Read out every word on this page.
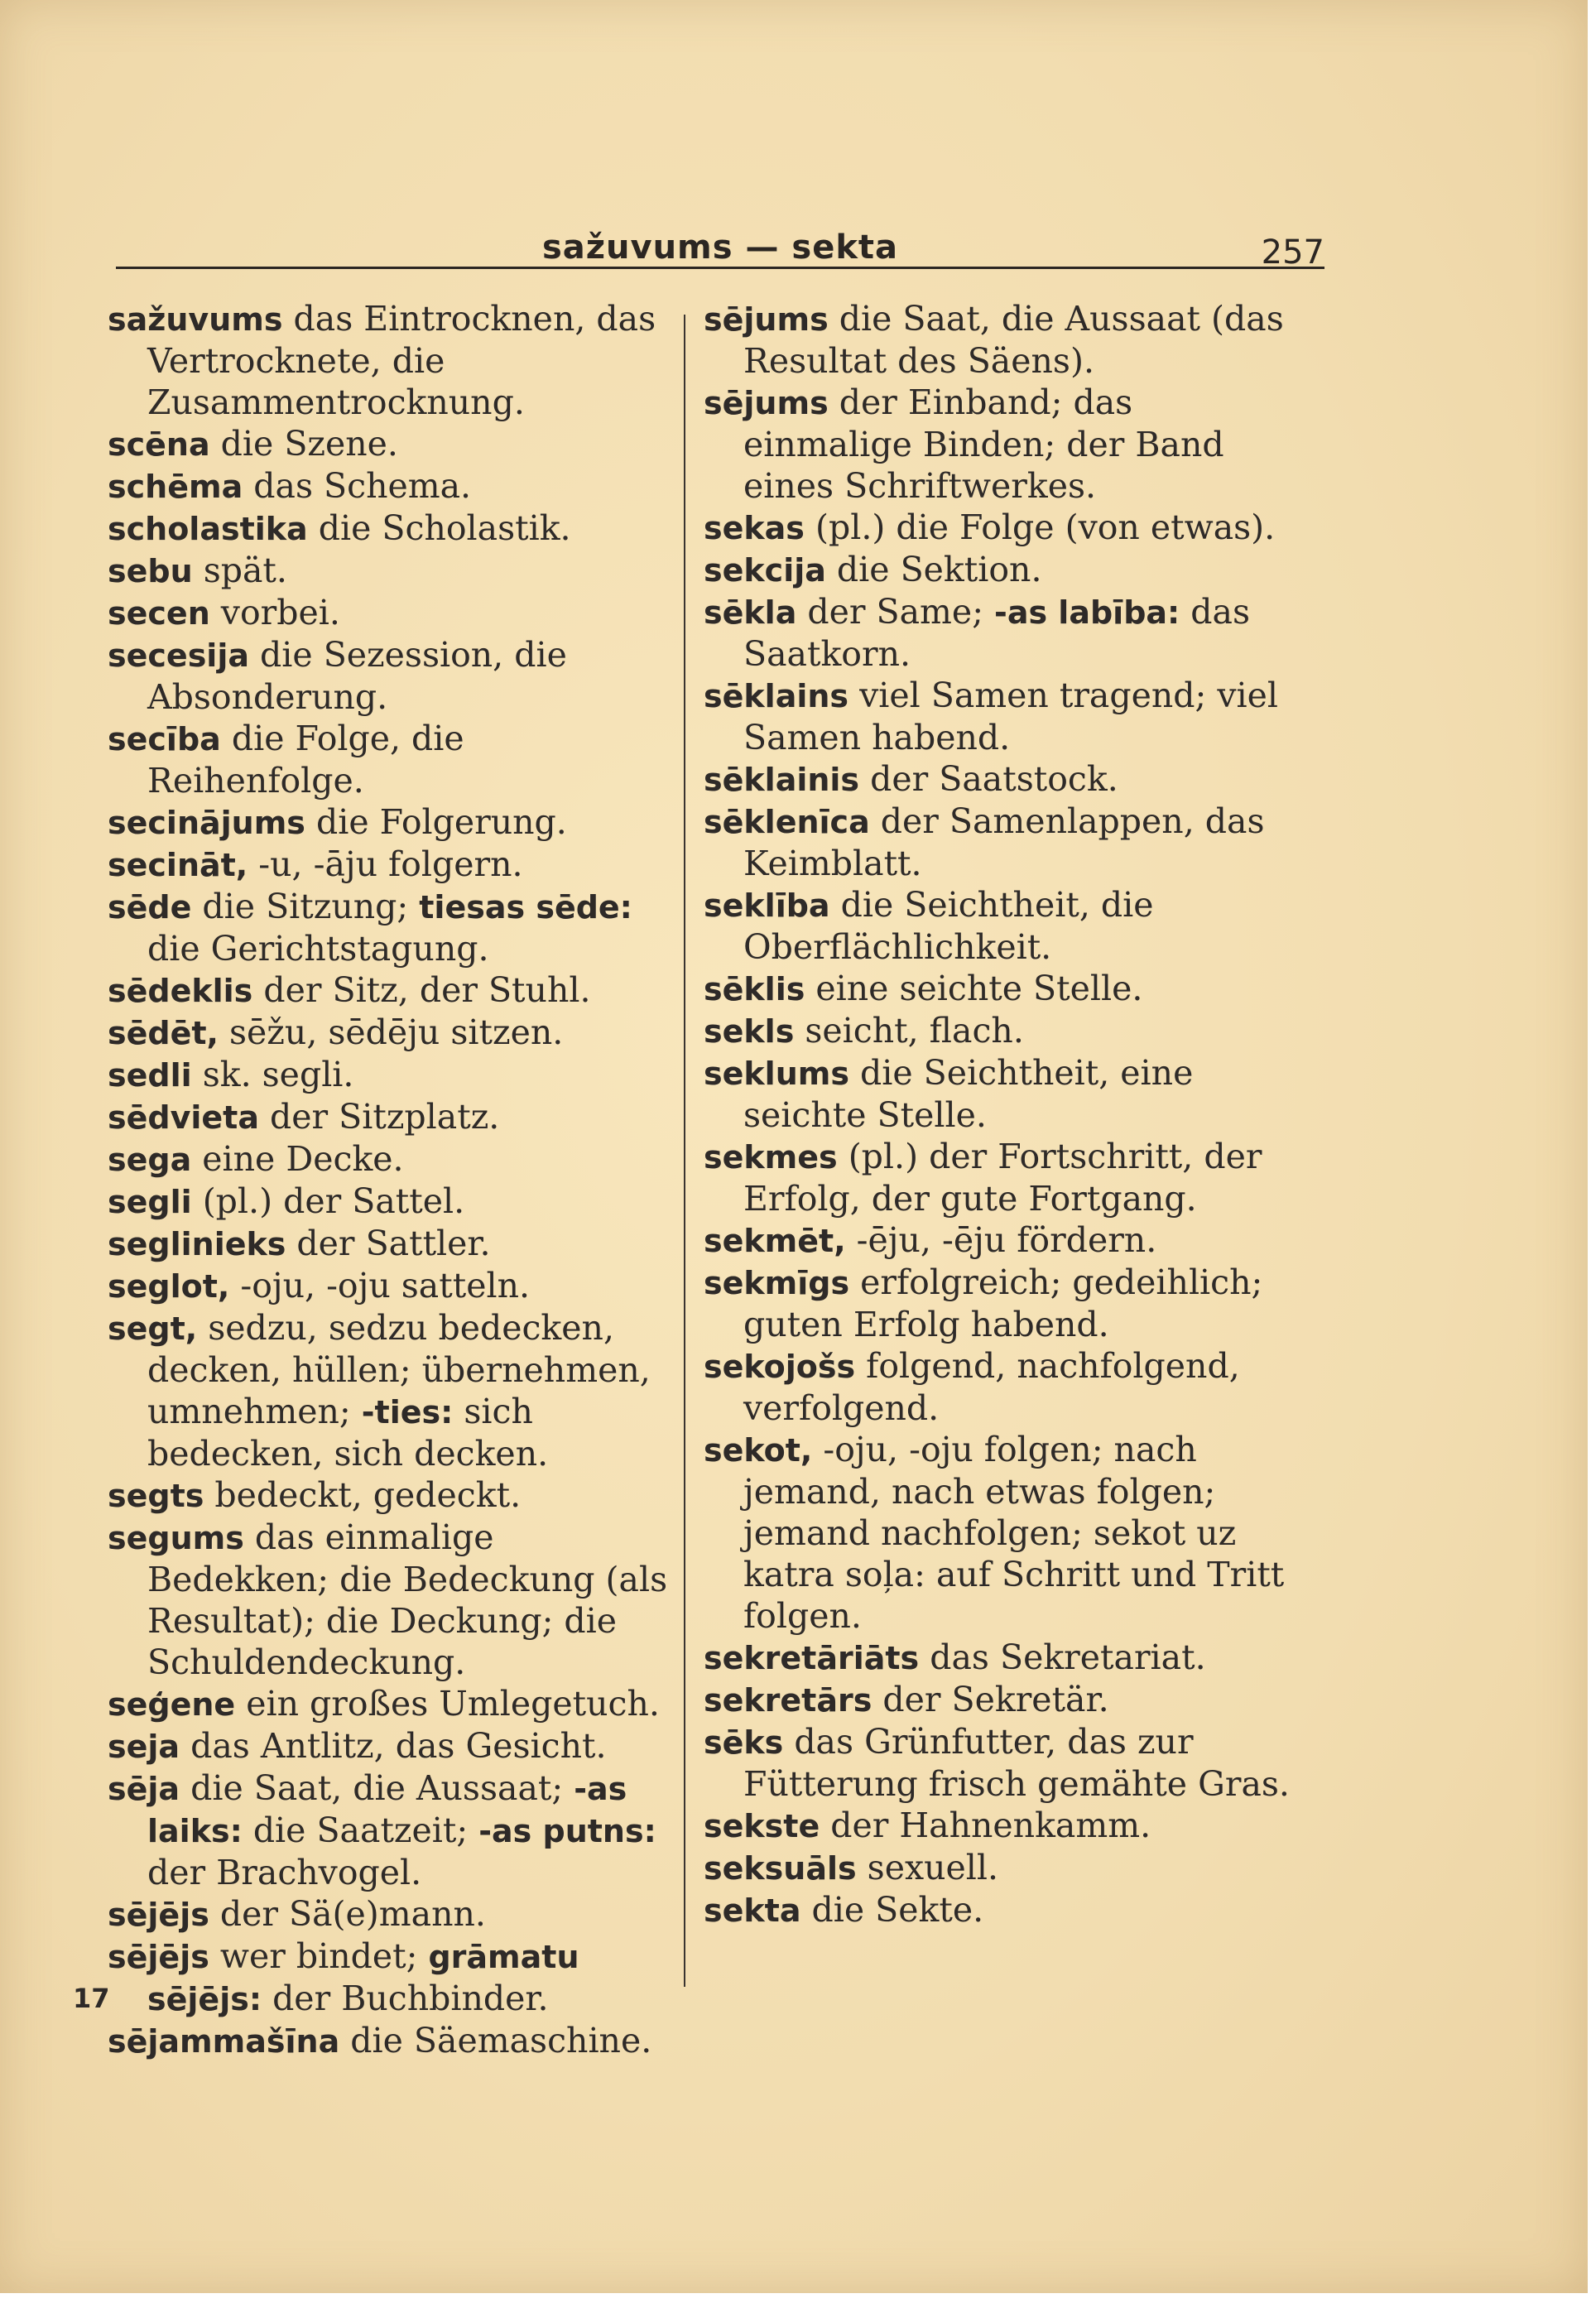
sažuvums — sekta	257

sažuvums das Eintrocknen, das Vertrocknete, die Zusammentrocknung.

scēna die Szene.

schēma das Schema.

scholastika die Scholastik.

sebu spät.

secen vorbei.

secesija die Sezession, die Absonderung.

secība die Folge, die Reihenfolge.

secinājums die Folgerung.

secināt, -u, -āju folgern.

sēde die Sitzung; tiesas sēde: die Gerichtstagung.

sēdeklis der Sitz, der Stuhl.

sēdēt, sēžu, sēdēju sitzen.

sedli sk. segli.

sēdvieta der Sitzplatz.

sega eine Decke.

segli (pl.) der Sattel.

seglinieks der Sattler.

seglot, -oju, -oju satteln.

segt, sedzu, sedzu bedecken, decken, hüllen; übernehmen, umnehmen; -ties: sich bedecken, sich decken.

segts bedeckt, gedeckt.

segums das einmalige Bedekken; die Bedeckung (als Resultat); die Deckung; die Schuldendeckung.

seģene ein großes Umlegetuch.

seja das Antlitz, das Gesicht.

sēja die Saat, die Aussaat; -as laiks: die Saatzeit; -as putns: der Brachvogel.

sējējs der Sä(e)mann.

sējējs wer bindet; grāmatu sējējs: der Buchbinder.

sējammašīna die Säemaschine.

sējums die Saat, die Aussaat (das Resultat des Säens).

sējums der Einband; das einmalige Binden; der Band eines Schriftwerkes.

sekas (pl.) die Folge (von etwas).

sekcija die Sektion.

sēkla der Same; -as labība: das Saatkorn.

sēklains viel Samen tragend; viel Samen habend.

sēklainis der Saatstock.

sēklenīca der Samenlappen, das Keimblatt.

seklība die Seichtheit, die Oberflächlichkeit.

sēklis eine seichte Stelle.

sekls seicht, flach.

seklums die Seichtheit, eine seichte Stelle.

sekmes (pl.) der Fortschritt, der Erfolg, der gute Fortgang.

sekmēt, -ēju, -ēju fördern.

sekmīgs erfolgreich; gedeihlich; guten Erfolg habend.

sekojošs folgend, nachfolgend, verfolgend.

sekot, -oju, -oju folgen; nach jemand, nach etwas folgen; jemand nachfolgen; sekot uz katra soļa: auf Schritt und Tritt folgen.

sekretāriāts das Sekretariat.

sekretārs der Sekretär.

sēks das Grünfutter, das zur Fütterung frisch gemähte Gras.

sekste der Hahnenkamm.

seksuāls sexuell.

sekta die Sekte.

17
